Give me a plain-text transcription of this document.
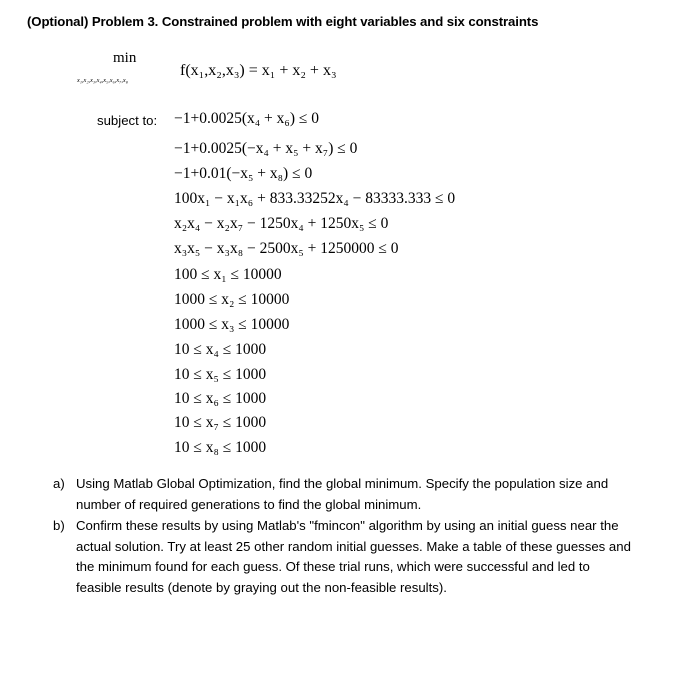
(Optional) Problem 3. Constrained problem with eight variables and six constraints
min
x₁,x₂,x₃,x₄,x₅,x₆,x₇,x₈
f(x₁,x₂,x₃) = x₁ + x₂ + x₃
subject to: −1+0.0025(x₄ + x₆) ≤ 0
−1+0.0025(−x₄ + x₅ + x₇) ≤ 0
−1+0.01(−x₅ + x₈) ≤ 0
100x₁ − x₁x₆ + 833.33252x₄ − 83333.333 ≤ 0
x₂x₄ − x₂x₇ − 1250x₄ + 1250x₅ ≤ 0
x₃x₅ − x₃x₈ − 2500x₅ + 1250000 ≤ 0
100 ≤ x₁ ≤ 10000
1000 ≤ x₂ ≤ 10000
1000 ≤ x₃ ≤ 10000
10 ≤ x₄ ≤ 1000
10 ≤ x₅ ≤ 1000
10 ≤ x₆ ≤ 1000
10 ≤ x₇ ≤ 1000
10 ≤ x₈ ≤ 1000
a) Using Matlab Global Optimization, find the global minimum. Specify the population size and
number of required generations to find the global minimum.
b) Confirm these results by using Matlab's "fmincon" algorithm by using an initial guess near the
actual solution. Try at least 25 other random initial guesses. Make a table of these guesses and
the minimum found for each guess. Of these trial runs, which were successful and led to
feasible results (denote by graying out the non-feasible results).
